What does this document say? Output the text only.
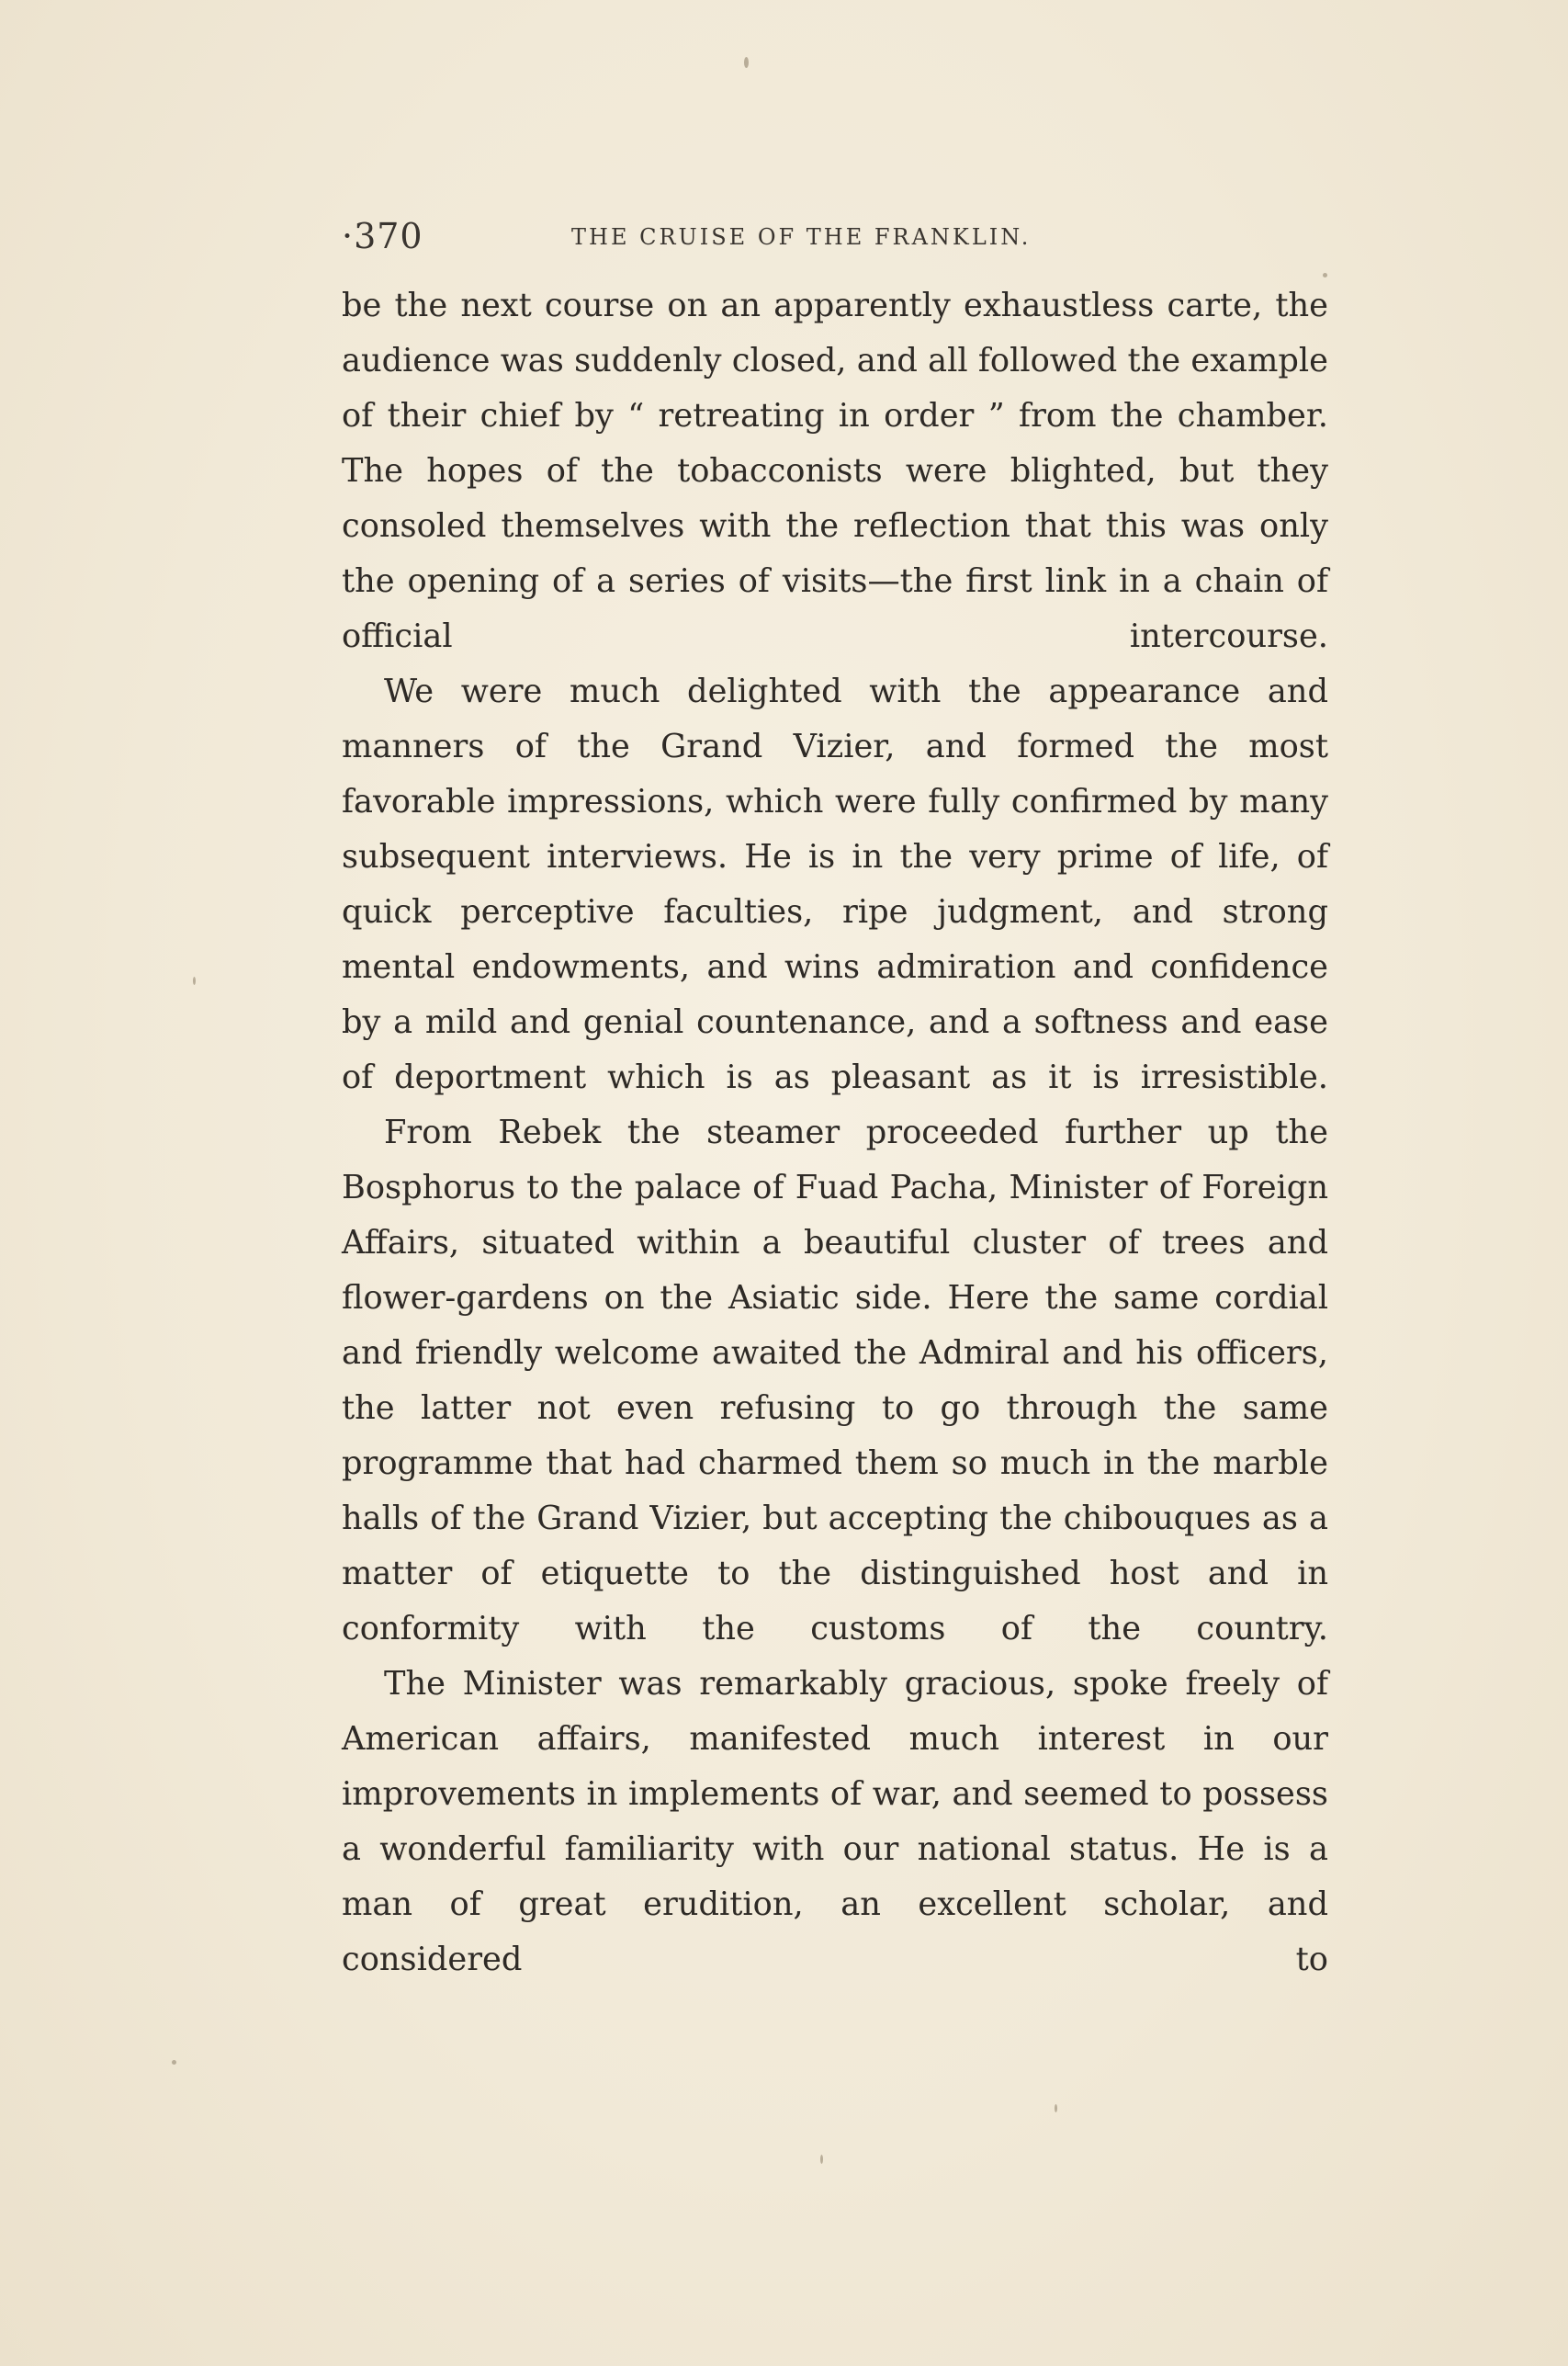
·370	THE CRUISE OF THE FRANKLIN.

be the next course on an apparently exhaustless carte, the audience was suddenly closed, and all followed the example of their chief by “ retreating in order ” from the chamber. The hopes of the tobacconists were blighted, but they consoled themselves with the reflection that this was only the opening of a series of visits—the first link in a chain of official intercourse.

We were much delighted with the appearance and manners of the Grand Vizier, and formed the most favorable impressions, which were fully confirmed by many subsequent interviews. He is in the very prime of life, of quick perceptive faculties, ripe judgment, and strong mental endowments, and wins admiration and confidence by a mild and genial countenance, and a softness and ease of deportment which is as pleasant as it is irresistible.

From Rebek the steamer proceeded further up the Bosphorus to the palace of Fuad Pacha, Minister of Foreign Affairs, situated within a beautiful cluster of trees and flower-gardens on the Asiatic side. Here the same cordial and friendly welcome awaited the Admiral and his officers, the latter not even refusing to go through the same programme that had charmed them so much in the marble halls of the Grand Vizier, but accepting the chibouques as a matter of etiquette to the distinguished host and in conformity with the customs of the country.

The Minister was remarkably gracious, spoke freely of American affairs, manifested much interest in our improvements in implements of war, and seemed to possess a wonderful familiarity with our national status. He is a man of great erudition, an excellent scholar, and considered to
